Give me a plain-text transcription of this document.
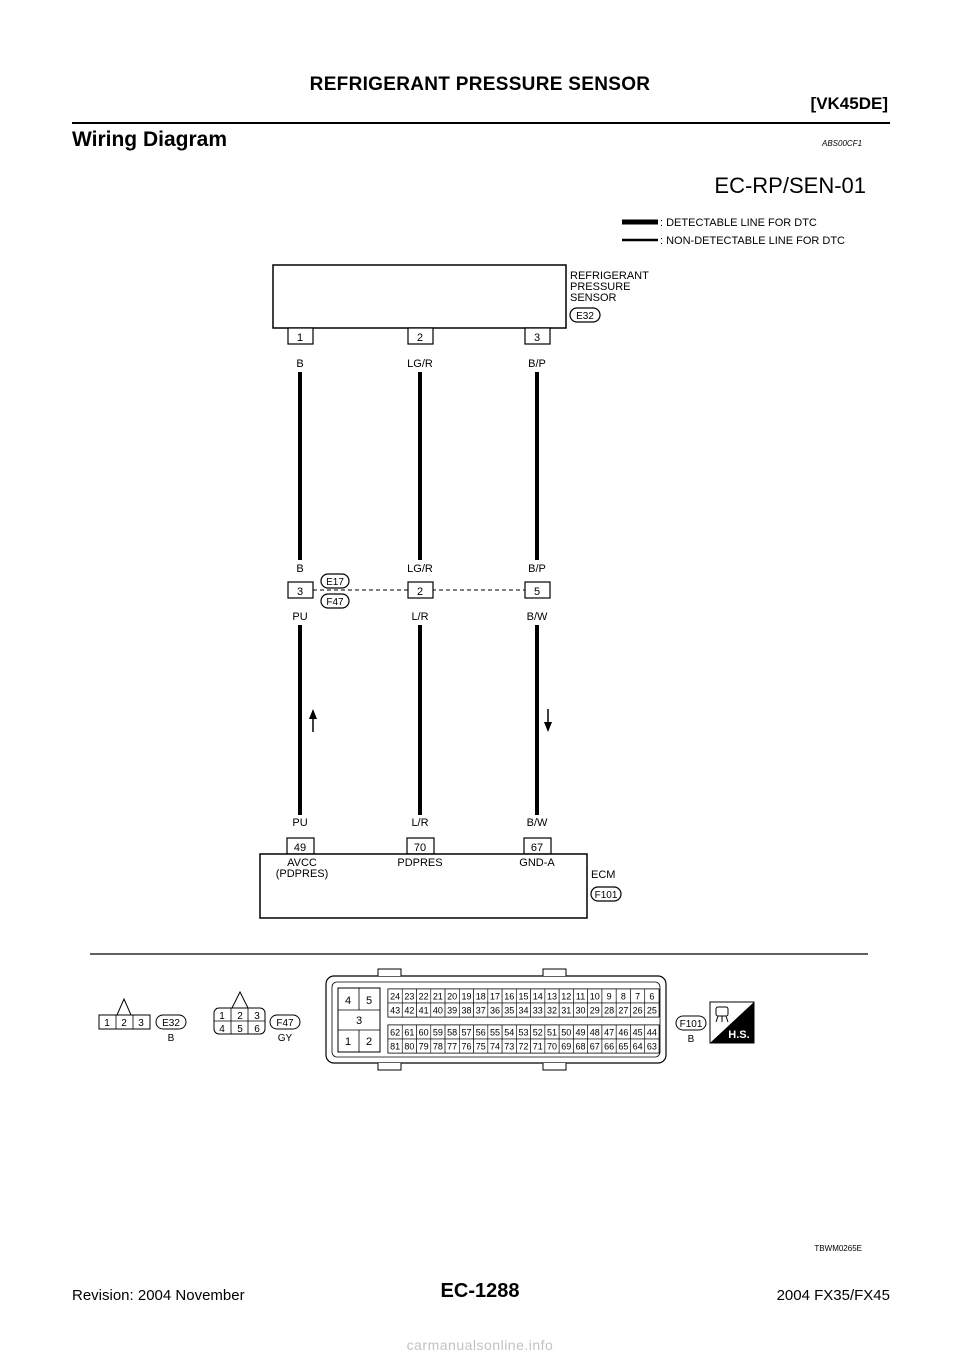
REFRIGERANT PRESSURE SENSOR
[VK45DE]
Wiring Diagram	ABS00CF1
EC-RP/SEN-01
: DETECTABLE LINE FOR DTC
: NON-DETECTABLE LINE FOR DTC
REFRIGERANT
PRESSURE
SENSOR
E32
1	2	3
B	LG/R	B/P
B	LG/R	B/P
3	2	5
E17
F47
PU	L/R	B/W
PU	L/R	B/W
49	70	67
AVCC
(PDPRES)
PDPRES	GND-A
ECM
F101
1 2 3 E32
B
1 2 3
4 5 6
F47
GY
4 5
3
1 2
24 23 22 21 20 19 18 17 16 15 14 13 12 11 10 9 8 7 6
43 42 41 40 39 38 37 36 35 34 33 32 31 30 29 28 27 26 25
62 61 60 59 58 57 56 55 54 53 52 51 50 49 48 47 46 45 44
81 80 79 78 77 76 75 74 73 72 71 70 69 68 67 66 65 64 63
F101
B	H.S.
TBWM0265E
EC-1288
Revision: 2004 November	2004 FX35/FX45
carmanualsonline.info
